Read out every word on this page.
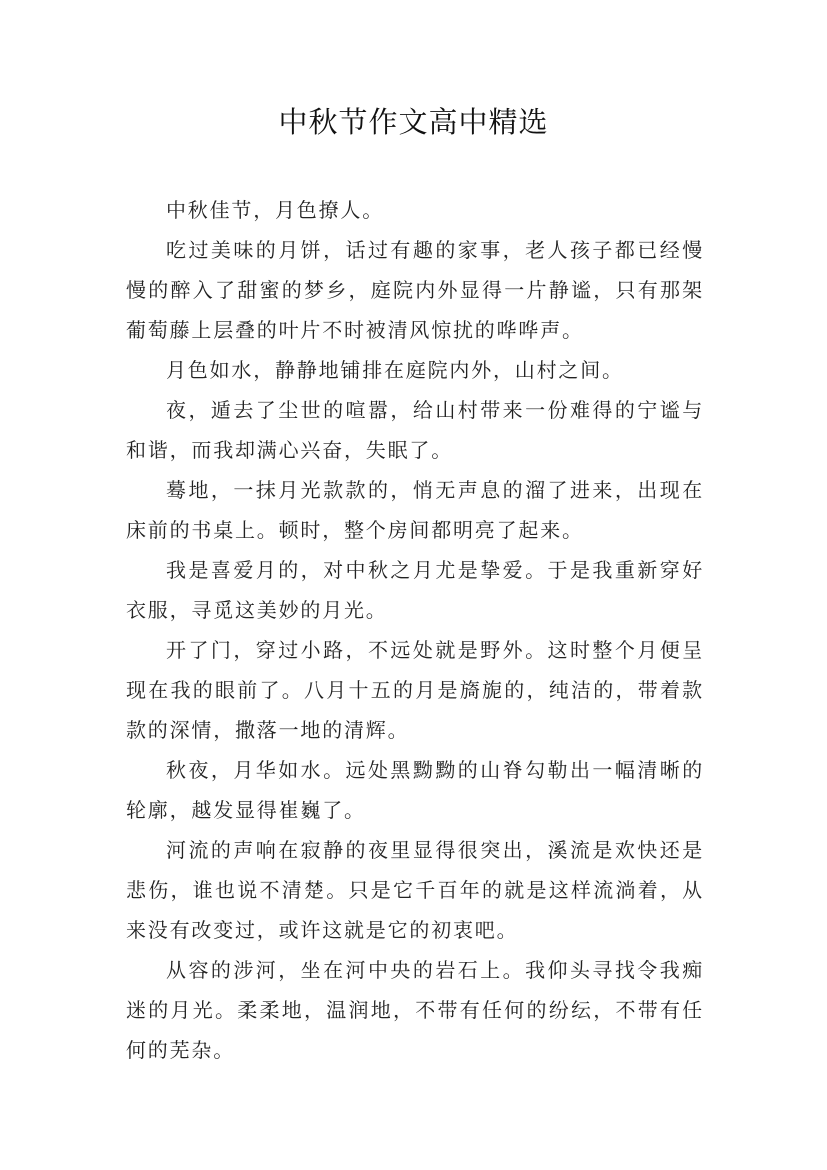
中秋节作文高中精选

中秋佳节，月色撩人。

吃过美味的月饼，话过有趣的家事，老人孩子都已经慢慢的醉入了甜蜜的梦乡，庭院内外显得一片静谧，只有那架葡萄藤上层叠的叶片不时被清风惊扰的哗哗声。

月色如水，静静地铺排在庭院内外，山村之间。

夜，遁去了尘世的喧嚣，给山村带来一份难得的宁谧与和谐，而我却满心兴奋，失眠了。

蓦地，一抹月光款款的，悄无声息的溜了进来，出现在床前的书桌上。顿时，整个房间都明亮了起来。

我是喜爱月的，对中秋之月尤是挚爱。于是我重新穿好衣服，寻觅这美妙的月光。

开了门，穿过小路，不远处就是野外。这时整个月便呈现在我的眼前了。八月十五的月是旖旎的，纯洁的，带着款款的深情，撒落一地的清辉。

秋夜，月华如水。远处黑黝黝的山脊勾勒出一幅清晰的轮廓，越发显得崔巍了。

河流的声响在寂静的夜里显得很突出，溪流是欢快还是悲伤，谁也说不清楚。只是它千百年的就是这样流淌着，从来没有改变过，或许这就是它的初衷吧。

从容的涉河，坐在河中央的岩石上。我仰头寻找令我痴迷的月光。柔柔地，温润地，不带有任何的纷纭，不带有任何的芜杂。
